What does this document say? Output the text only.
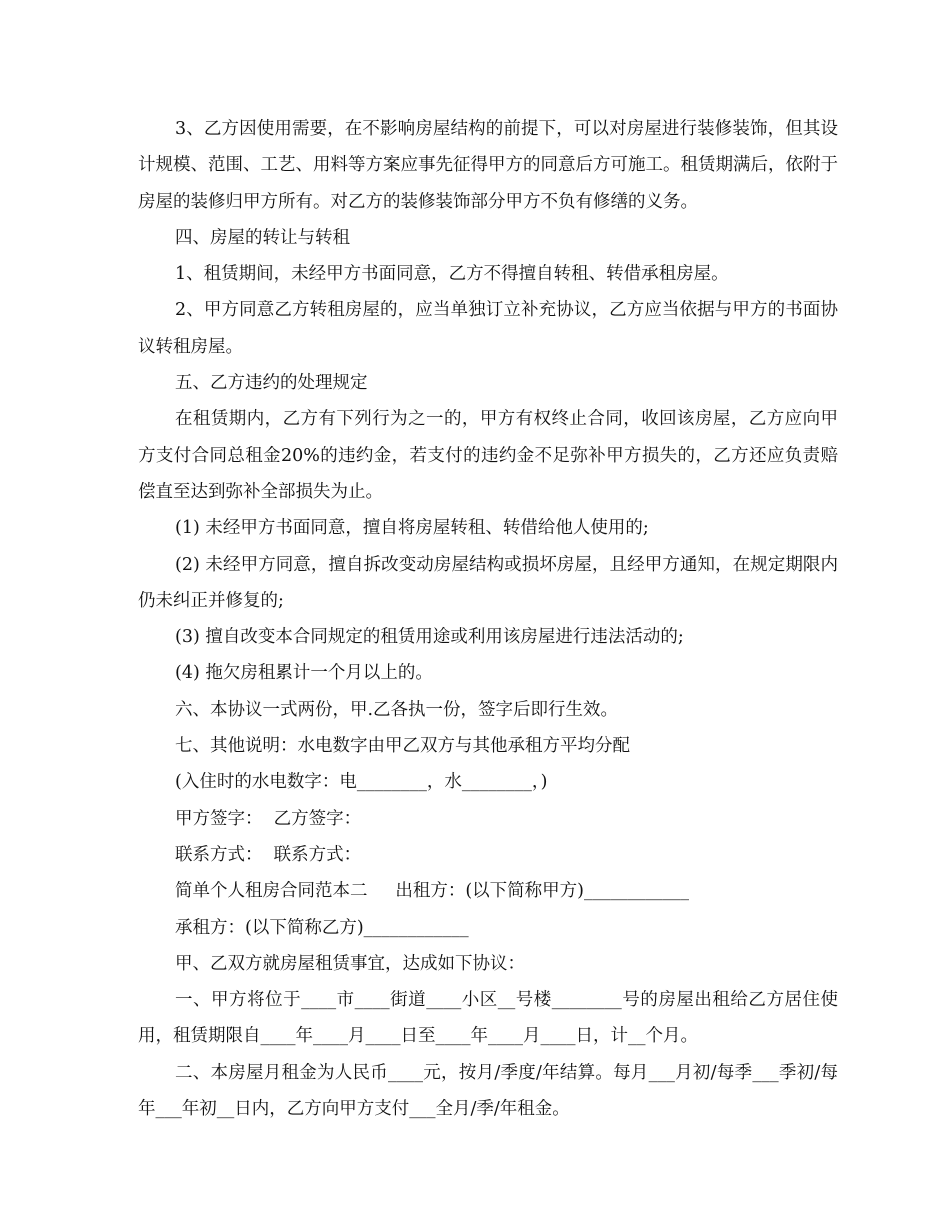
3、乙方因使用需要，在不影响房屋结构的前提下，可以对房屋进行装修装饰，但其设计规模、范围、工艺、用料等方案应事先征得甲方的同意后方可施工。租赁期满后，依附于房屋的装修归甲方所有。对乙方的装修装饰部分甲方不负有修缮的义务。

四、房屋的转让与转租

1、租赁期间，未经甲方书面同意，乙方不得擅自转租、转借承租房屋。

2、甲方同意乙方转租房屋的，应当单独订立补充协议，乙方应当依据与甲方的书面协议转租房屋。

五、乙方违约的处理规定

在租赁期内，乙方有下列行为之一的，甲方有权终止合同，收回该房屋，乙方应向甲方支付合同总租金20%的违约金，若支付的违约金不足弥补甲方损失的，乙方还应负责赔偿直至达到弥补全部损失为止。

(1) 未经甲方书面同意，擅自将房屋转租、转借给他人使用的;

(2) 未经甲方同意，擅自拆改变动房屋结构或损坏房屋，且经甲方通知，在规定期限内仍未纠正并修复的;

(3) 擅自改变本合同规定的租赁用途或利用该房屋进行违法活动的;

(4) 拖欠房租累计一个月以上的。

六、本协议一式两份，甲.乙各执一份，签字后即行生效。

七、其他说明：水电数字由甲乙双方与其他承租方平均分配

(入住时的水电数字：电________，水________，)

甲方签字：  乙方签字：

联系方式：  联系方式：

简单个人租房合同范本二     出租方：(以下简称甲方)____________

承租方：(以下简称乙方)____________

甲、乙双方就房屋租赁事宜，达成如下协议：

一、甲方将位于____市____街道____小区__号楼________号的房屋出租给乙方居住使用，租赁期限自____年____月____日至____年____月____日，计__个月。

二、本房屋月租金为人民币____元，按月/季度/年结算。每月___月初/每季___季初/每年___年初__日内，乙方向甲方支付___全月/季/年租金。
